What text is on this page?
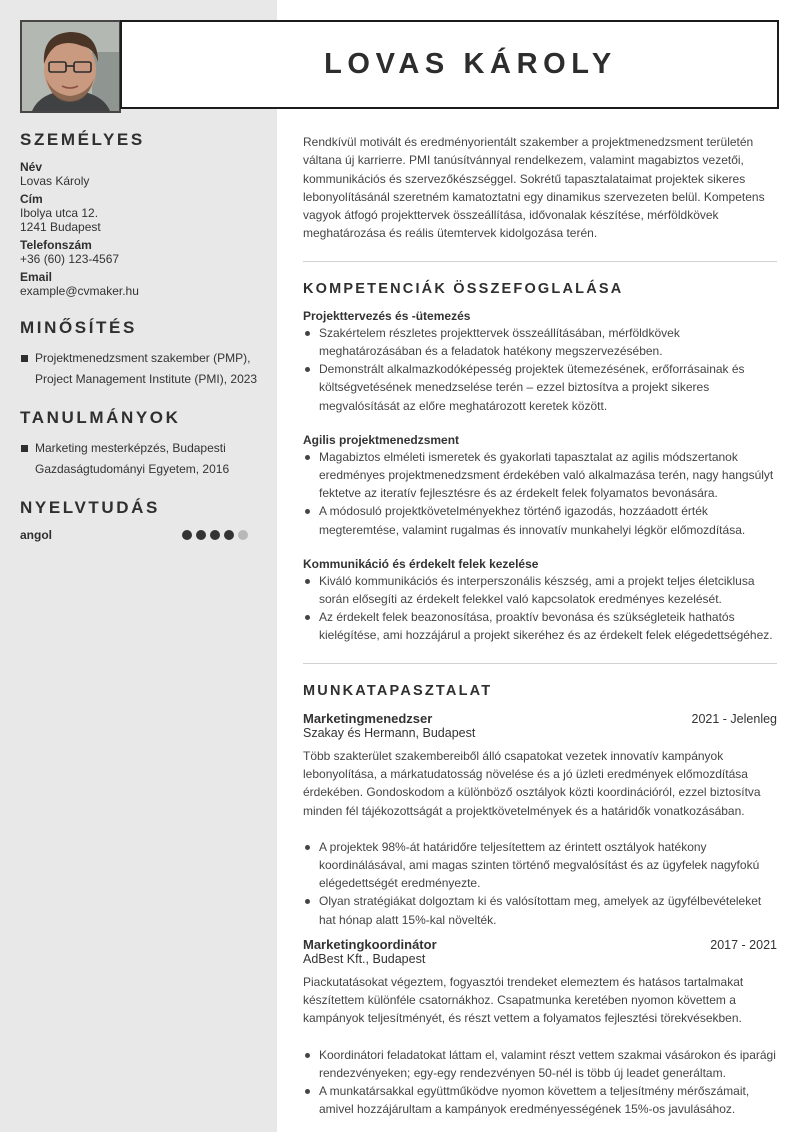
LOVAS KÁROLY
SZEMÉLYES
Név
Lovas Károly
Cím
Ibolya utca 12.
1241 Budapest
Telefonszám
+36 (60) 123-4567
Email
example@cvmaker.hu
MINŐSÍTÉS
Projektmenedzsment szakember (PMP), Project Management Institute (PMI), 2023
TANULMÁNYOK
Marketing mesterképzés, Budapesti Gazdaságtudományi Egyetem, 2016
NYELVTUDÁS
angol

Rendkívül motivált és eredményorientált szakember a projektmenedzsment területén váltana új karrierre. PMI tanúsítvánnyal rendelkezem, valamint magabiztos vezetői, kommunikációs és szervezőkészséggel. Sokrétű tapasztalataimat projektek sikeres lebonyolításánál szeretném kamatoztatni egy dinamikus szervezeten belül. Kompetens vagyok átfogó projekttervek összeállítása, idővonalak készítése, mérföldkövek meghatározása és reális ütemtervek kidolgozása terén.

KOMPETENCIÁK ÖSSZEFOGLALÁSA
Projekttervezés és -ütemezés
Szakértelem részletes projekttervek összeállításában, mérföldkövek meghatározásában és a feladatok hatékony megszervezésében.
Demonstrált alkalmazkodóképesség projektek ütemezésének, erőforrásainak és költségvetésének menedzselése terén – ezzel biztosítva a projekt sikeres megvalósítását az előre meghatározott keretek között.
Agilis projektmenedzsment
Magabiztos elméleti ismeretek és gyakorlati tapasztalat az agilis módszertanok eredményes projektmenedzsment érdekében való alkalmazása terén, nagy hangsúlyt fektetve az iteratív fejlesztésre és az érdekelt felek folyamatos bevonására.
A módosuló projektkövetelményekhez történő igazodás, hozzáadott érték megteremtése, valamint rugalmas és innovatív munkahelyi légkör előmozdítása.
Kommunikáció és érdekelt felek kezelése
Kiváló kommunikációs és interperszonális készség, ami a projekt teljes életciklusa során elősegíti az érdekelt felekkel való kapcsolatok eredményes kezelését.
Az érdekelt felek beazonosítása, proaktív bevonása és szükségleteik hathatós kielégítése, ami hozzájárul a projekt sikeréhez és az érdekelt felek elégedettségéhez.
MUNKATAPASZTALAT
Marketingmenedzser	2021 - Jelenleg
Szakay és Hermann, Budapest

Több szakterület szakembereiből álló csapatokat vezetek innovatív kampányok lebonyolítása, a márkatudatosság növelése és a jó üzleti eredmények előmozdítása érdekében. Gondoskodom a különböző osztályok közti koordinációról, ezzel biztosítva minden fél tájékozottságát a projektkövetelmények és a határidők vonatkozásában.

A projektek 98%-át határidőre teljesítettem az érintett osztályok hatékony koordinálásával, ami magas szinten történő megvalósítást és az ügyfelek nagyfokú elégedettségét eredményezte.
Olyan stratégiákat dolgoztam ki és valósítottam meg, amelyek az ügyfélbevételeket hat hónap alatt 15%-kal növelték.
Marketingkoordinátor	2017 - 2021
AdBest Kft., Budapest

Piackutatásokat végeztem, fogyasztói trendeket elemeztem és hatásos tartalmakat készítettem különféle csatornákhoz. Csapatmunka keretében nyomon követtem a kampányok teljesítményét, és részt vettem a folyamatos fejlesztési törekvésekben.

Koordinátori feladatokat láttam el, valamint részt vettem szakmai vásárokon és iparági rendezvényeken; egy-egy rendezvényen 50-nél is több új leadet generáltam.
A munkatársakkal együttműködve nyomon követtem a teljesítmény mérőszámait, amivel hozzájárultam a kampányok eredményességének 15%-os javulásához.
